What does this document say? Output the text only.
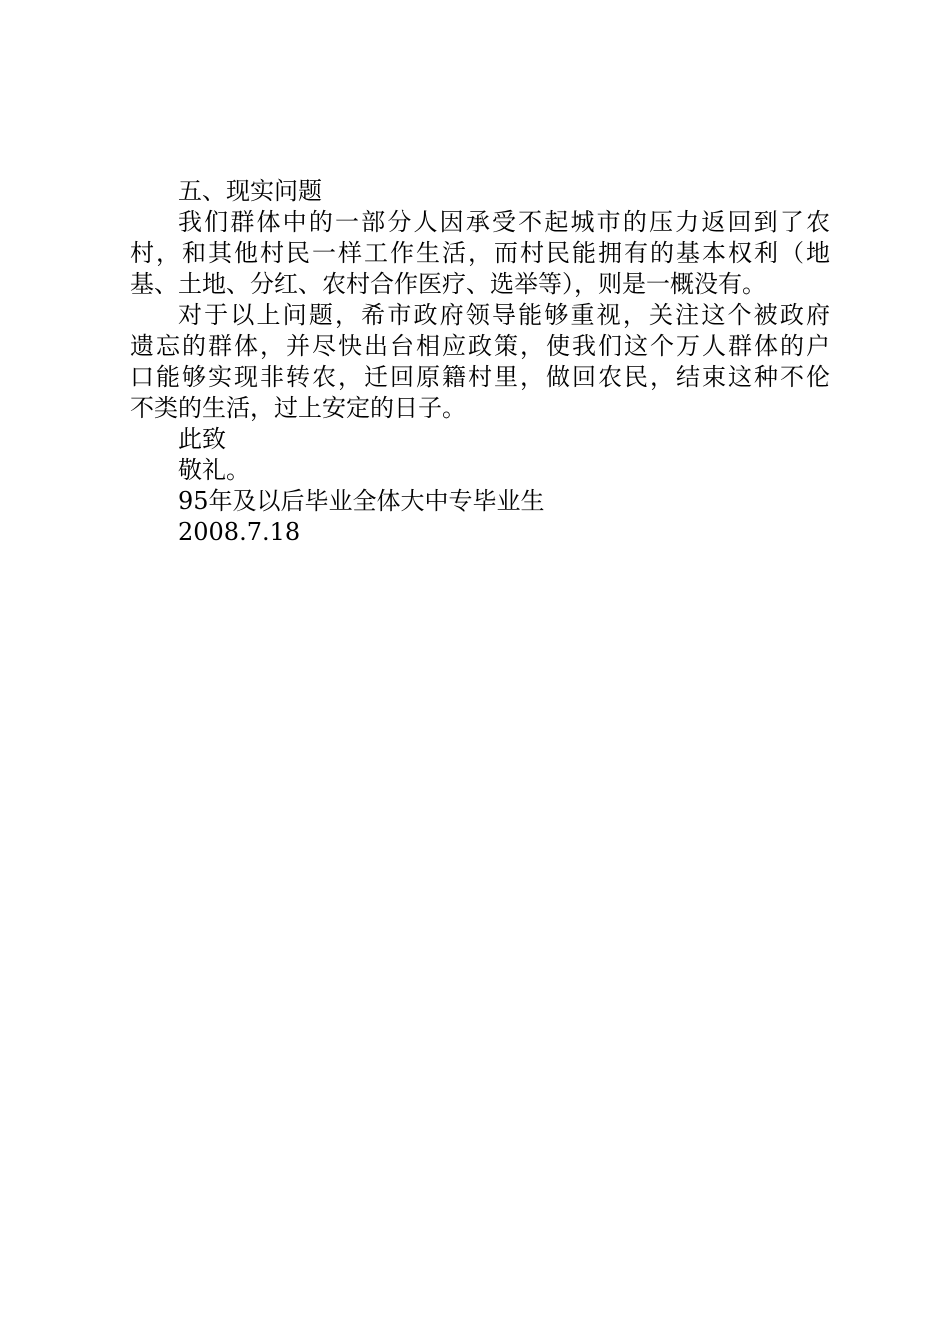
五、现实问题

我们群体中的一部分人因承受不起城市的压力返回到了农

村，和其他村民一样工作生活，而村民能拥有的基本权利（地

基、土地、分红、农村合作医疗、选举等），则是一概没有。

对于以上问题，希市政府领导能够重视，关注这个被政府

遗忘的群体，并尽快出台相应政策，使我们这个万人群体的户

口能够实现非转农，迁回原籍村里，做回农民，结束这种不伦

不类的生活，过上安定的日子。

此致

敬礼。

95年及以后毕业全体大中专毕业生

2008.7.18
